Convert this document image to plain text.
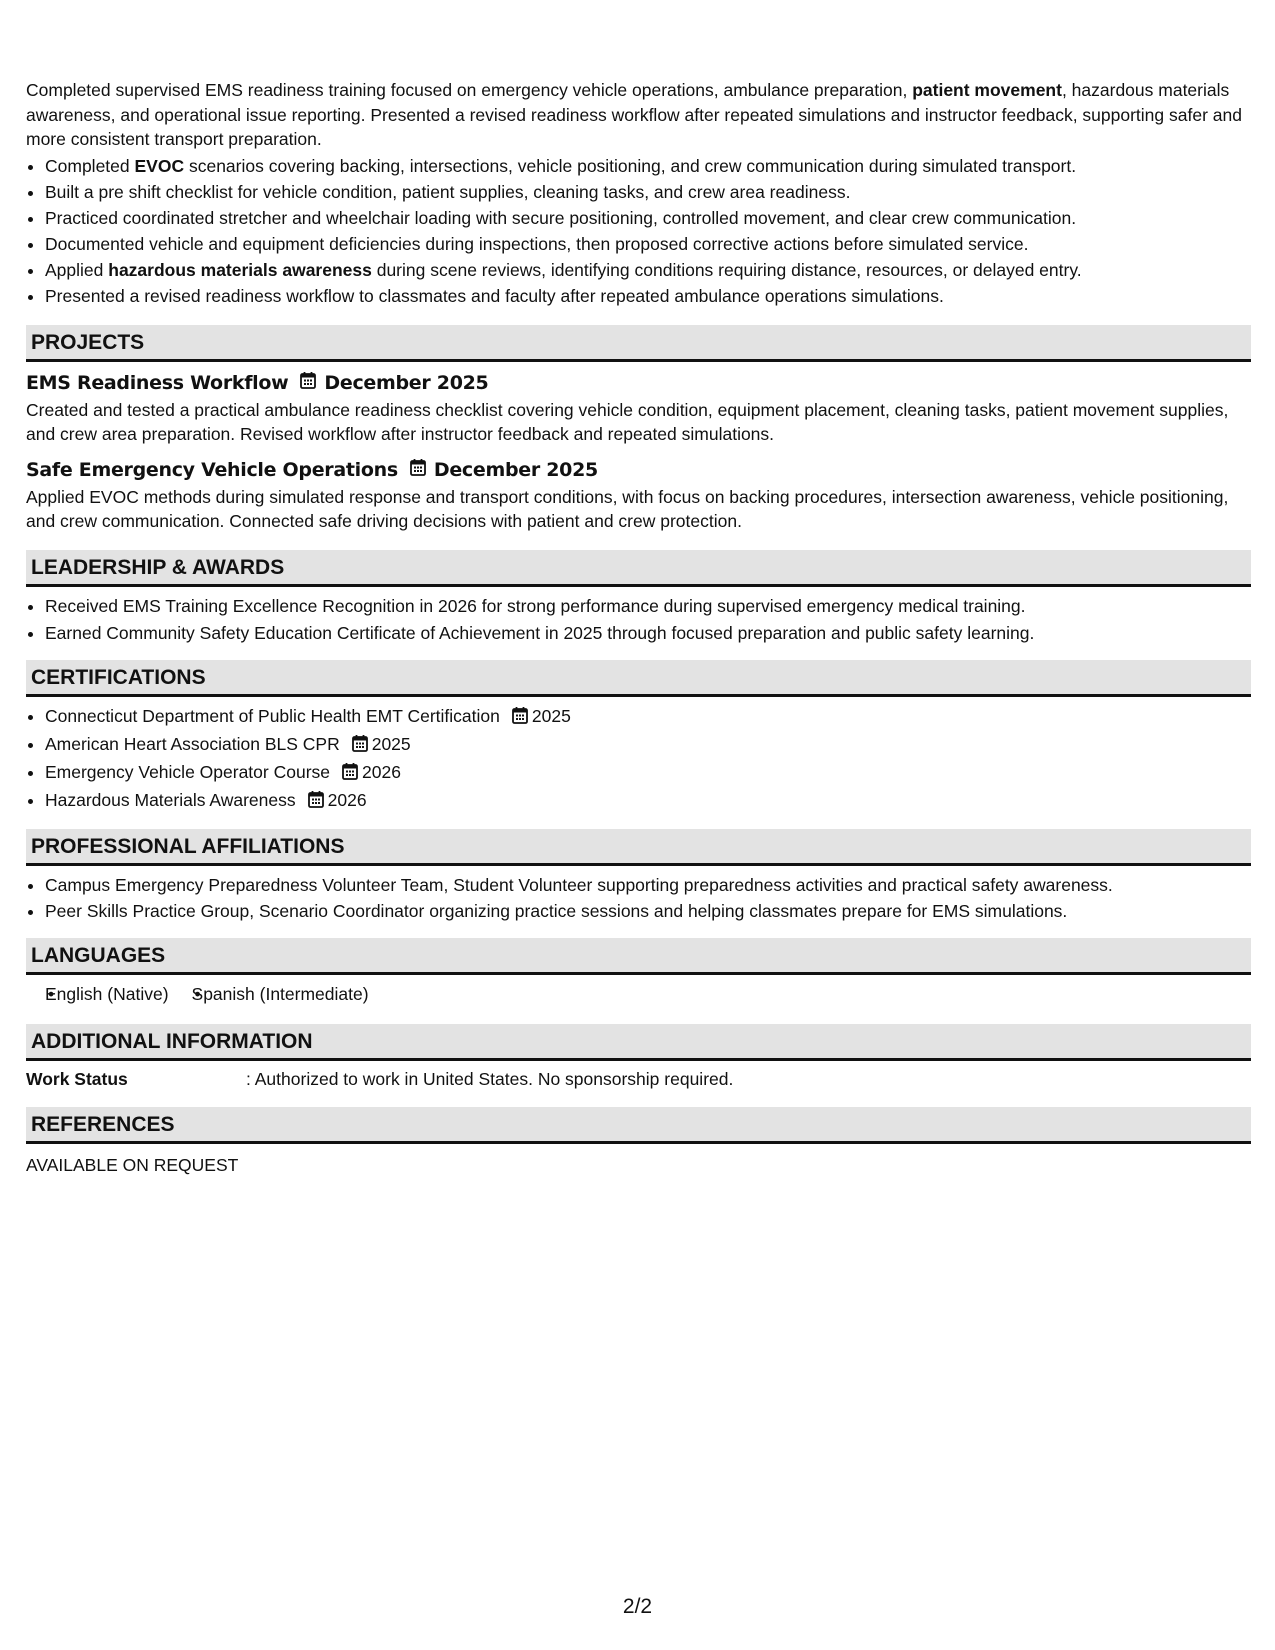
Completed supervised EMS readiness training focused on emergency vehicle operations, ambulance preparation, patient movement, hazardous materials awareness, and operational issue reporting. Presented a revised readiness workflow after repeated simulations and instructor feedback, supporting safer and more consistent transport preparation.

• Completed EVOC scenarios covering backing, intersections, vehicle positioning, and crew communication during simulated transport.
• Built a pre shift checklist for vehicle condition, patient supplies, cleaning tasks, and crew area readiness.
• Practiced coordinated stretcher and wheelchair loading with secure positioning, controlled movement, and clear crew communication.
• Documented vehicle and equipment deficiencies during inspections, then proposed corrective actions before simulated service.
• Applied hazardous materials awareness during scene reviews, identifying conditions requiring distance, resources, or delayed entry.
• Presented a revised readiness workflow to classmates and faculty after repeated ambulance operations simulations.
PROJECTS
EMS Readiness Workflow December 2025

Created and tested a practical ambulance readiness checklist covering vehicle condition, equipment placement, cleaning tasks, patient movement supplies, and crew area preparation. Revised workflow after instructor feedback and repeated simulations.

Safe Emergency Vehicle Operations December 2025

Applied EVOC methods during simulated response and transport conditions, with focus on backing procedures, intersection awareness, vehicle positioning, and crew communication. Connected safe driving decisions with patient and crew protection.

LEADERSHIP & AWARDS
• Received EMS Training Excellence Recognition in 2026 for strong performance during supervised emergency medical training.
• Earned Community Safety Education Certificate of Achievement in 2025 through focused preparation and public safety learning.
CERTIFICATIONS
• Connecticut Department of Public Health EMT Certification 2025
• American Heart Association BLS CPR 2025
• Emergency Vehicle Operator Course 2026
• Hazardous Materials Awareness 2026
PROFESSIONAL AFFILIATIONS
• Campus Emergency Preparedness Volunteer Team, Student Volunteer supporting preparedness activities and practical safety awareness.
• Peer Skills Practice Group, Scenario Coordinator organizing practice sessions and helping classmates prepare for EMS simulations.
LANGUAGES
• English (Native)
• Spanish (Intermediate)
ADDITIONAL INFORMATION
Work Status	: Authorized to work in United States. No sponsorship required.
REFERENCES

AVAILABLE ON REQUEST

2/2
